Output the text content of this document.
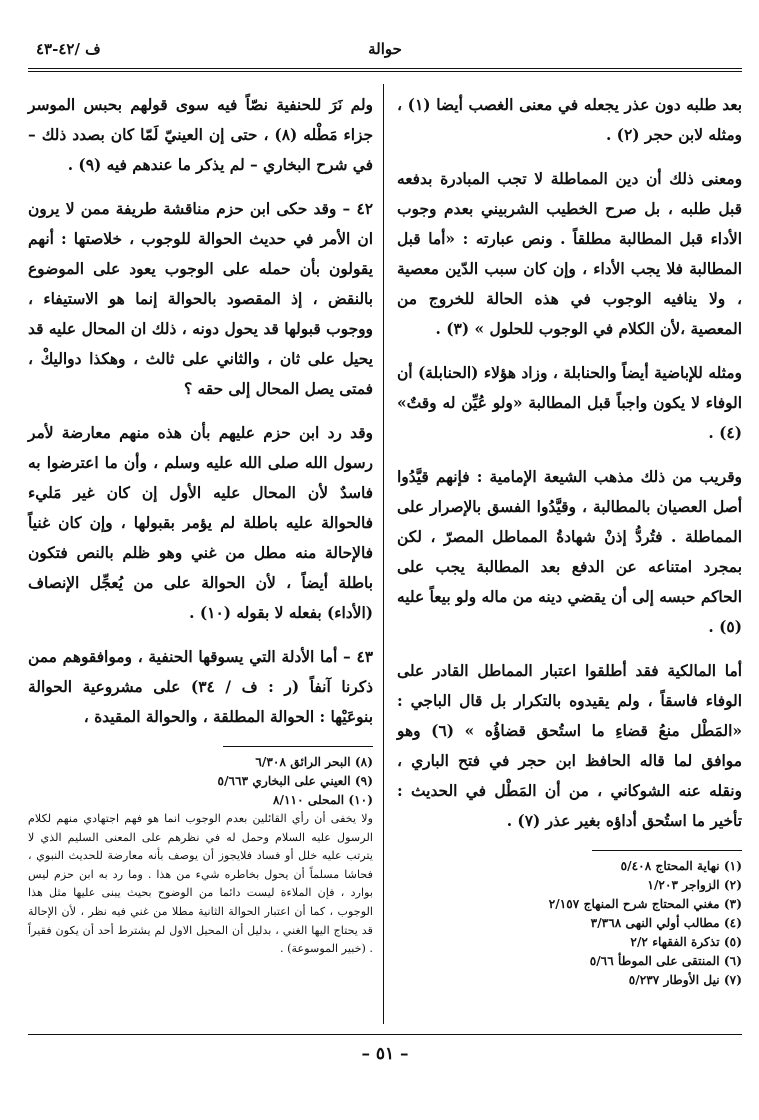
حوالة
ف /٤٢-٤٣

بعد طلبه دون عذر يجعله في معنى الغصب أيضا (١) ، ومثله لابن حجر (٢) .

ومعنى ذلك أن دين المماطلة لا تجب المبادرة بدفعه قبل طلبه ، بل صرح الخطيب الشربيني بعدم وجوب الأداء قبل المطالبة مطلقاً . ونص عبارته : «أما قبل المطالبة فلا يجب الأداء ، وإن كان سبب الدّين معصية ، ولا ينافيه الوجوب في هذه الحالة للخروج من المعصية ،لأن الكلام في الوجوب للحلول » (٣) .

ومثله للإباضية أيضاً والحنابلة ، وزاد هؤلاء (الحنابلة) أن الوفاء لا يكون واجباً قبل المطالبة «ولو عُيِّن له وقتٌ» (٤) .

وقريب من ذلك مذهب الشيعة الإمامية : فإنهم قيَّدُوا أصل العصيان بالمطالبة ، وقيَّدُوا الفسق بالإصرار على المماطلة . فتُردُّ إذنْ شهادةُ المماطل المصرّ ، لكن بمجرد امتناعه عن الدفع بعد المطالبة يجب على الحاكم حبسه إلى أن يقضي دينه من ماله ولو بيعاً عليه (٥) .

أما المالكية فقد أطلقوا اعتبار المماطل القادر على الوفاء فاسقاً ، ولم يقيدوه بالتكرار بل قال الباجي : «المَطْل منعُ قضاءِ ما استُحق قضاؤُه » (٦) وهو موافق لما قاله الحافظ ابن حجر في فتح الباري ، ونقله عنه الشوكاني ، من أن المَطْل في الحديث : تأخير ما استُحق أداؤه بغير عذر (٧) .

(١) نهاية المحتاج ٥/٤٠٨
(٢) الزواجر ١/٢٠٣
(٣) مغني المحتاج شرح المنهاج ٢/١٥٧
(٤) مطالب أولي النهى ٣/٣٦٨
(٥) تذكرة الفقهاء ٢/٢
(٦) المنتقى على الموطأ ٥/٦٦
(٧) نيل الأوطار ٥/٢٣٧

ولم نَرَ للحنفية نصّاً فيه سوى قولهم بحبس الموسر جزاء مَطْله (٨) ، حتى إن العينيّ لَمّا كان بصدد ذلك – في شرح البخاري – لم يذكر ما عندهم فيه (٩) .

٤٢ – وقد حكى ابن حزم مناقشة طريفة ممن لا يرون ان الأمر في حديث الحوالة للوجوب ، خلاصتها : أنهم يقولون بأن حمله على الوجوب يعود على الموضوع بالنقض ، إذ المقصود بالحوالة إنما هو الاستيفاء ، ووجوب قبولها قد يحول دونه ، ذلك ان المحال عليه قد يحيل على ثان ، والثاني على ثالث ، وهكذا دواليكْ ، فمتى يصل المحال إلى حقه ؟

وقد رد ابن حزم عليهم بأن هذه منهم معارضة لأمر رسول الله صلى الله عليه وسلم ، وأن ما اعترضوا به فاسدٌ لأن المحال عليه الأول إن كان غير مَليء فالحوالة عليه باطلة لم يؤمر بقبولها ، وإن كان غنياً فالإحالة منه مطل من غني وهو ظلم بالنص فتكون باطلة أيضاً ، لأن الحوالة على من يُعجِّل الإنصاف (الأداء) بفعله لا بقوله (١٠) .

٤٣ – أما الأدلة التي يسوقها الحنفية ، وموافقوهم ممن ذكرنا آنفاً (ر : ف / ٣٤) على مشروعية الحوالة بنوعَيْها : الحوالة المطلقة ، والحوالة المقيدة ،

(٨) البحر الرائق ٦/٣٠٨
(٩) العيني على البخاري ٥/٦٦٣
(١٠) المحلى ٨/١١٠
ولا يخفى أن رأي القائلين بعدم الوجوب انما هو فهم اجتهادي منهم لكلام الرسول عليه السلام وحمل له في نظرهم على المعنى السليم الذي لا يترتب عليه خلل أو فساد فلايجوز أن يوصف بأنه معارضة للحديث النبوي ، فحاشا مسلماً أن يحول بخاطره شيء من هذا . وما رد به ابن حزم ليس بوارد ، فإن الملاءة ليست دائما من الوضوح بحيث يبنى عليها مثل هذا الوجوب ، كما أن اعتبار الحوالة الثانية مطلا من غني فيه نظر ، لأن الإحالة قد يحتاج اليها الغني ، بدليل أن المحيل الاول لم يشترط أحد أن يكون فقيراً . (خبير الموسوعة) .
– ٥١ –
